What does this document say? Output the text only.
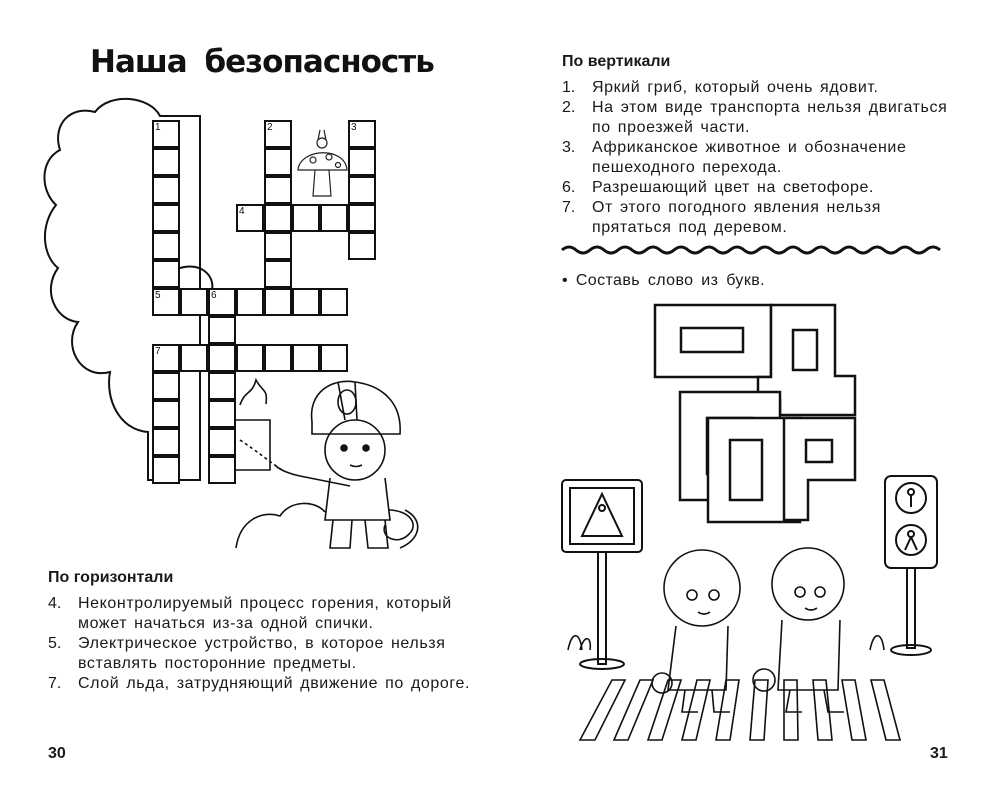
Наша безопасность
1	2	3
4
5	6
7
По горизонтали
4.	Неконтролируемый процесс горения, который может начаться из-за одной спички.
5.	Электрическое устройство, в которое нельзя вставлять посторонние предметы.
7.	Слой льда, затрудняющий движение по дороге.
30
По вертикали
1.	Яркий гриб, который очень ядовит.
2.	На этом виде транспорта нельзя двигаться по проезжей части.
3.	Африканское животное и обозначение пешеходного перехода.
6.	Разрешающий цвет на светофоре.
7.	От этого погодного явления нельзя прятаться под деревом.
• Составь слово из букв.
31
